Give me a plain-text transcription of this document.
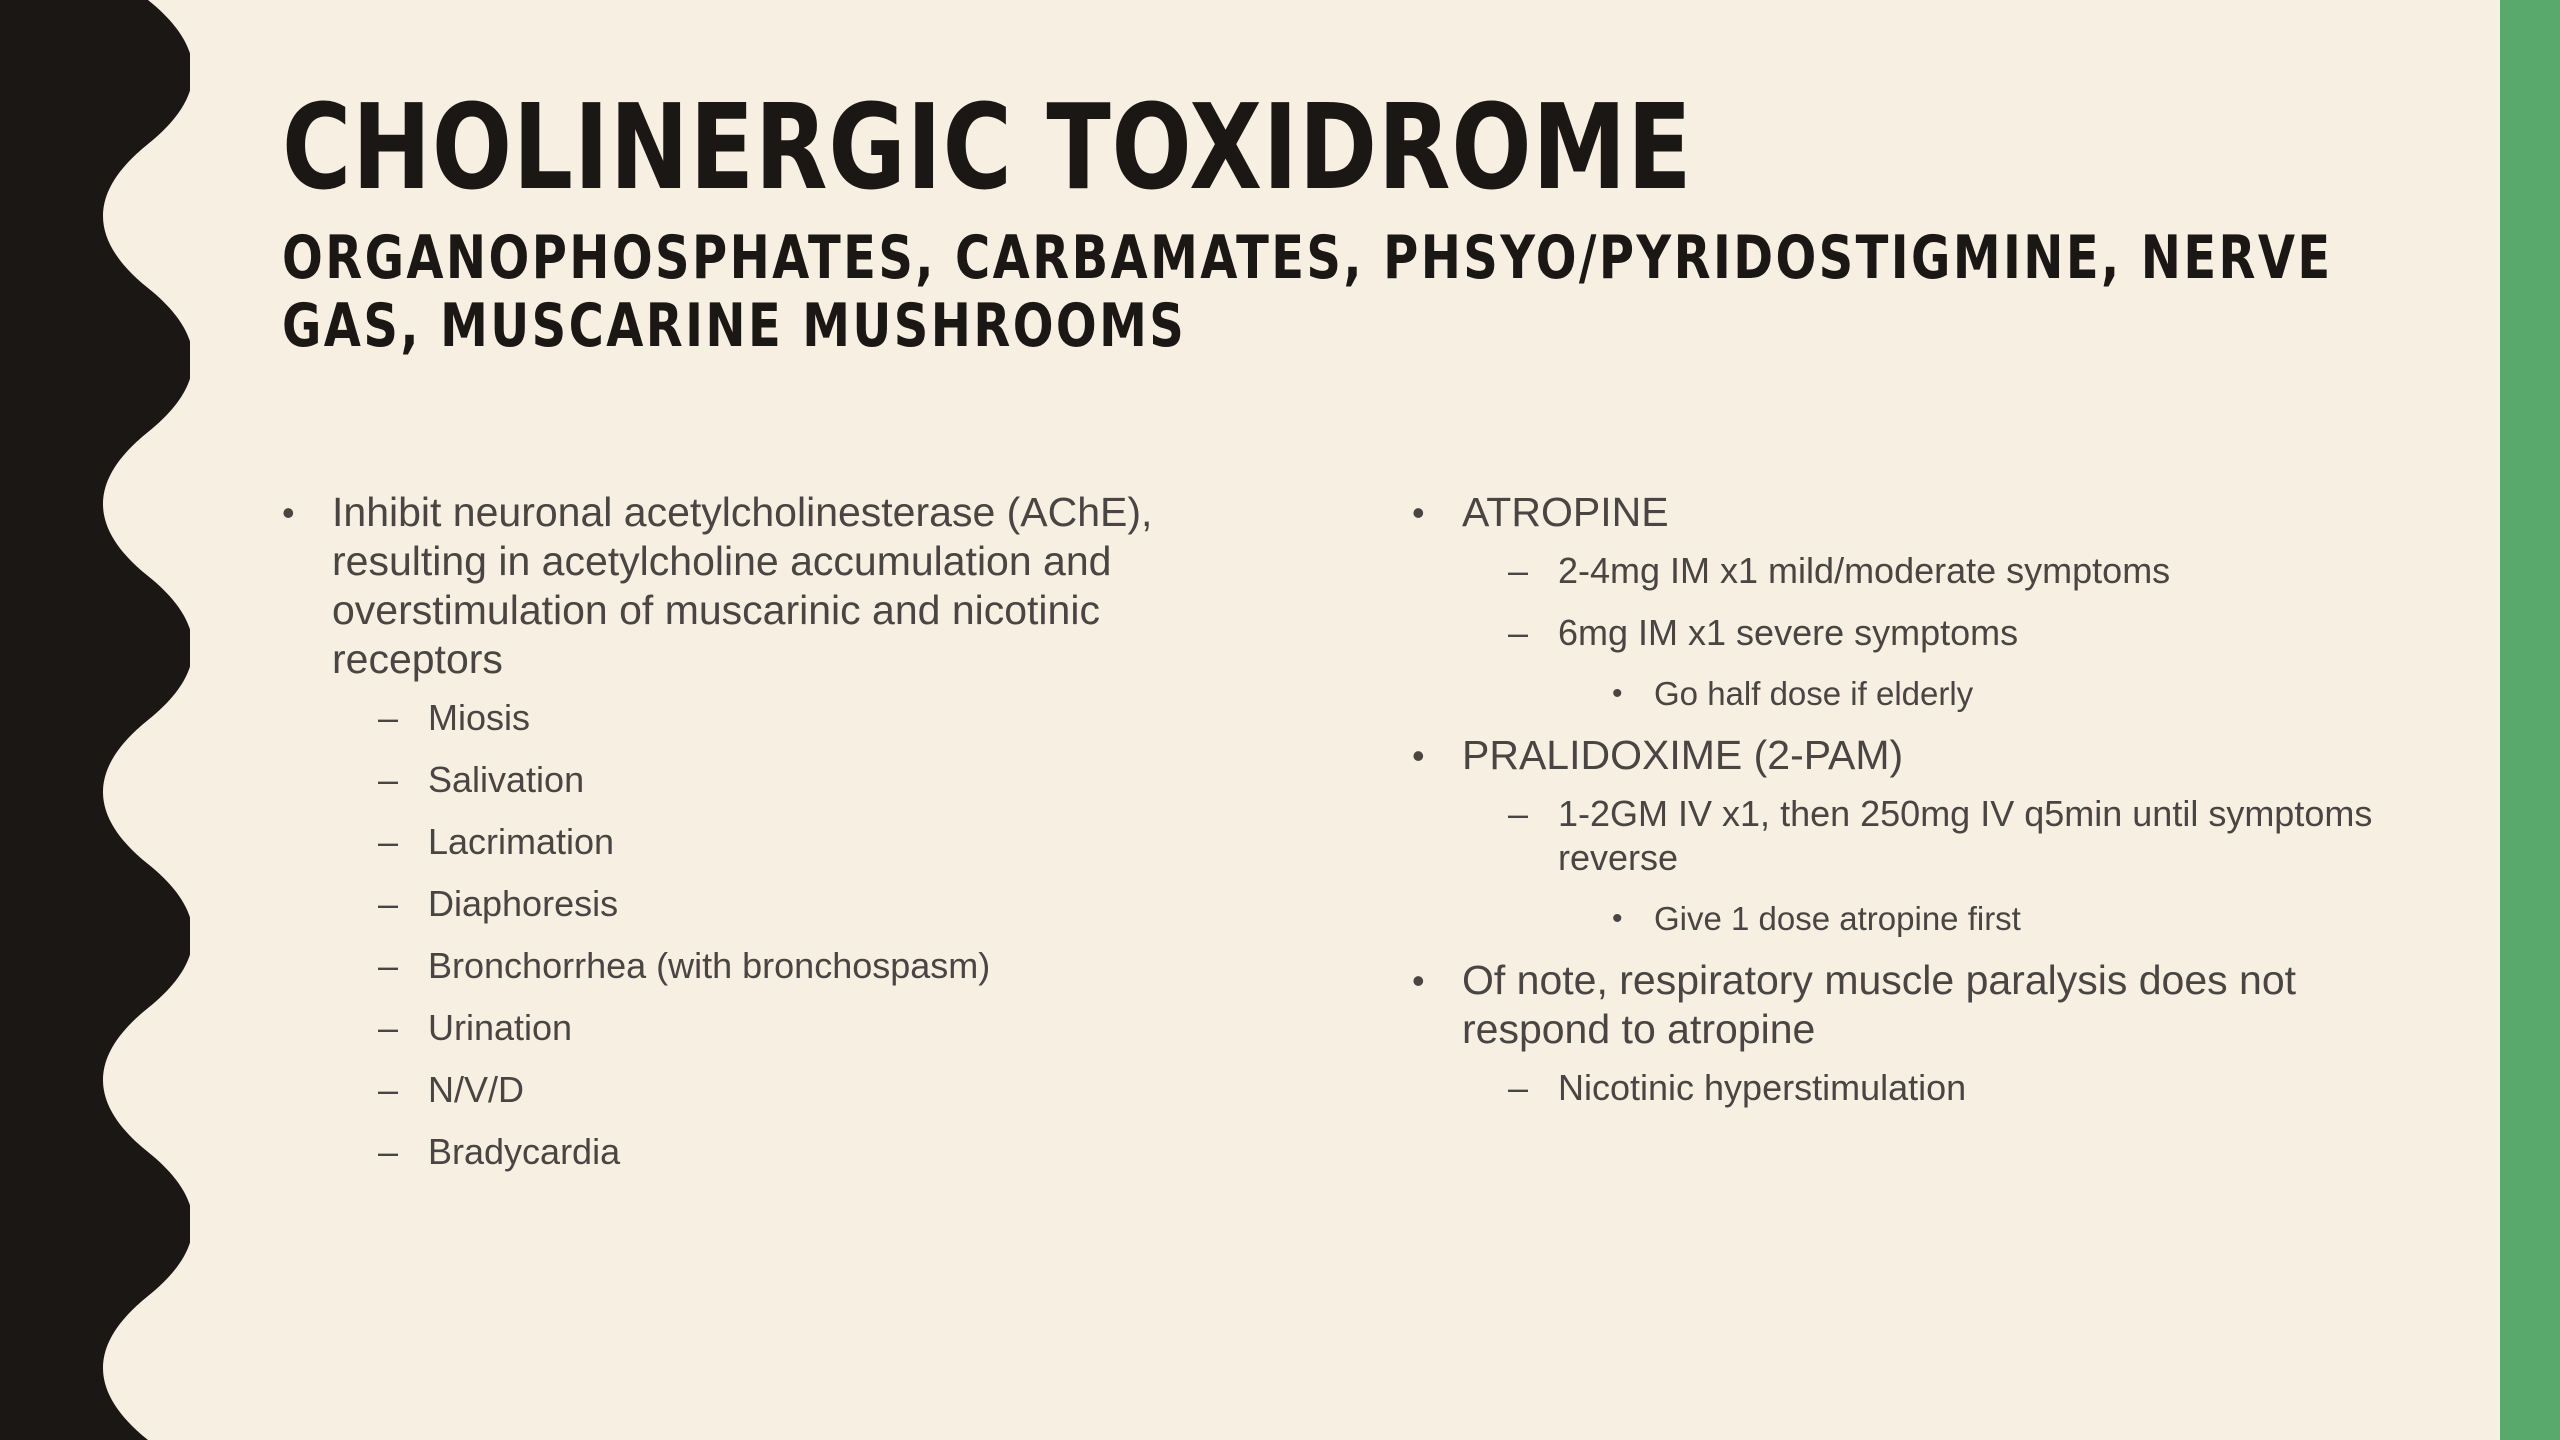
CHOLINERGIC TOXIDROME
ORGANOPHOSPHATES, CARBAMATES, PHSYO/PYRIDOSTIGMINE, NERVE GAS, MUSCARINE MUSHROOMS
• Inhibit neuronal acetylcholinesterase (AChE), resulting in acetylcholine accumulation and overstimulation of muscarinic and nicotinic receptors
– Miosis
– Salivation
– Lacrimation
– Diaphoresis
– Bronchorrhea (with bronchospasm)
– Urination
– N/V/D
– Bradycardia
• ATROPINE
– 2-4mg IM x1 mild/moderate symptoms
– 6mg IM x1 severe symptoms
• Go half dose if elderly
• PRALIDOXIME (2-PAM)
– 1-2GM IV x1, then 250mg IV q5min until symptoms reverse
• Give 1 dose atropine first
• Of note, respiratory muscle paralysis does not respond to atropine
– Nicotinic hyperstimulation
